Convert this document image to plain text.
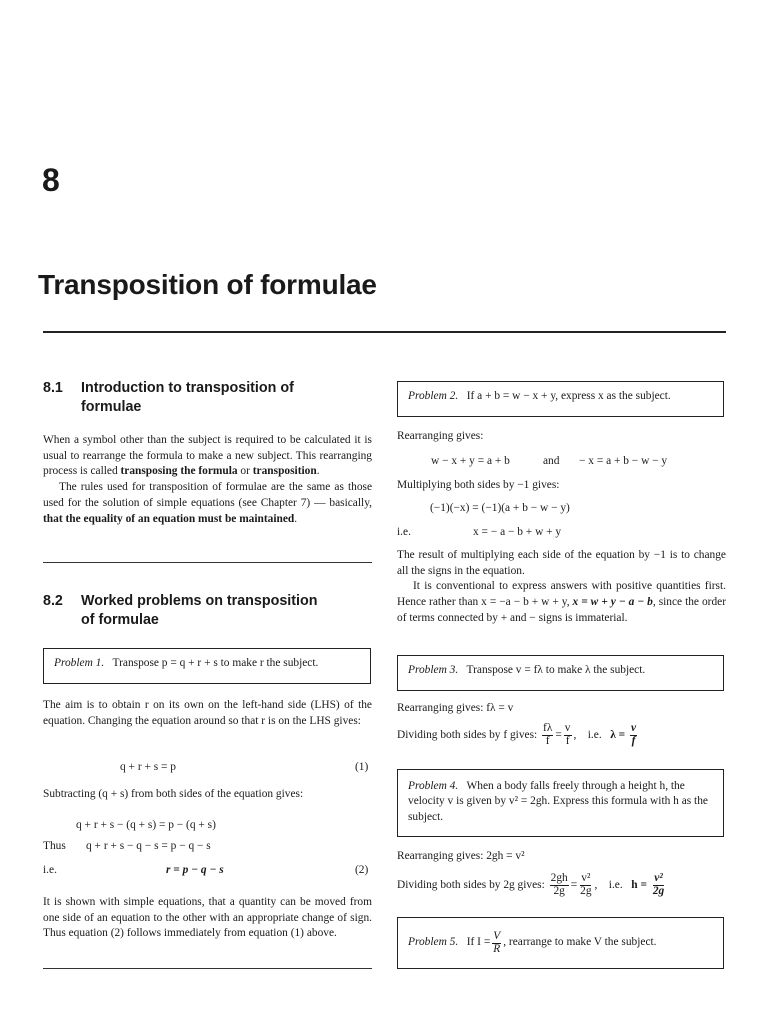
8
Transposition of formulae
8.1 Introduction to transposition of
formulae

When a symbol other than the subject is required to be calculated it is usual to rearrange the formula to make a new subject. This rearranging process is called transposing the formula or transposition.

The rules used for transposition of formulae are the same as those used for the solution of simple equations (see Chapter 7) — basically, that the equality of an equation must be maintained.

8.2 Worked problems on transposition
of formulae
Problem 1. Transpose p = q + r + s to make r the subject.

The aim is to obtain r on its own on the left-hand side (LHS) of the equation. Changing the equation around so that r is on the LHS gives:

q + r + s = p	(1)
Subtracting (q + s) from both sides of the equation gives:
q + r + s − (q + s) = p − (q + s)
Thus q + r + s − q − s = p − q − s
i.e.	r = p − q − s	(2)

It is shown with simple equations, that a quantity can be moved from one side of an equation to the other with an appropriate change of sign. Thus equation (2) follows immediately from equation (1) above.

Problem 2. If a + b = w − x + y, express x as the subject.
Rearranging gives:
w − x + y = a + b	and − x = a + b − w − y
Multiplying both sides by −1 gives:
(−1)(−x) = (−1)(a + b − w − y)
i.e.	x = − a − b + w + y

The result of multiplying each side of the equation by −1 is to change all the signs in the equation.

It is conventional to express answers with positive quantities first. Hence rather than x = −a − b + w + y, x = w + y − a − b, since the order of terms connected by + and − signs is immaterial.

Problem 3. Transpose v = fλ to make λ the subject.
Rearranging gives: fλ = v
Dividing both sides by f gives: $\frac{f\lambda}{f} = \frac{v}{f}$ ,    i.e. $\lambda = \frac{v}{f}$
Problem 4. When a body falls freely through a height h, the velocity v is given by v² = 2gh. Express this formula with h as the subject.
Rearranging gives: 2gh = v²
Dividing both sides by 2g gives: $\frac{2gh}{2g} = \frac{\text{v²}}{2g}$ ,    i.e. $h = \frac{\text{v²}}{2g}$
Problem 5.
If $I = \frac{V}{R}$ , rearrange to make V the subject.
